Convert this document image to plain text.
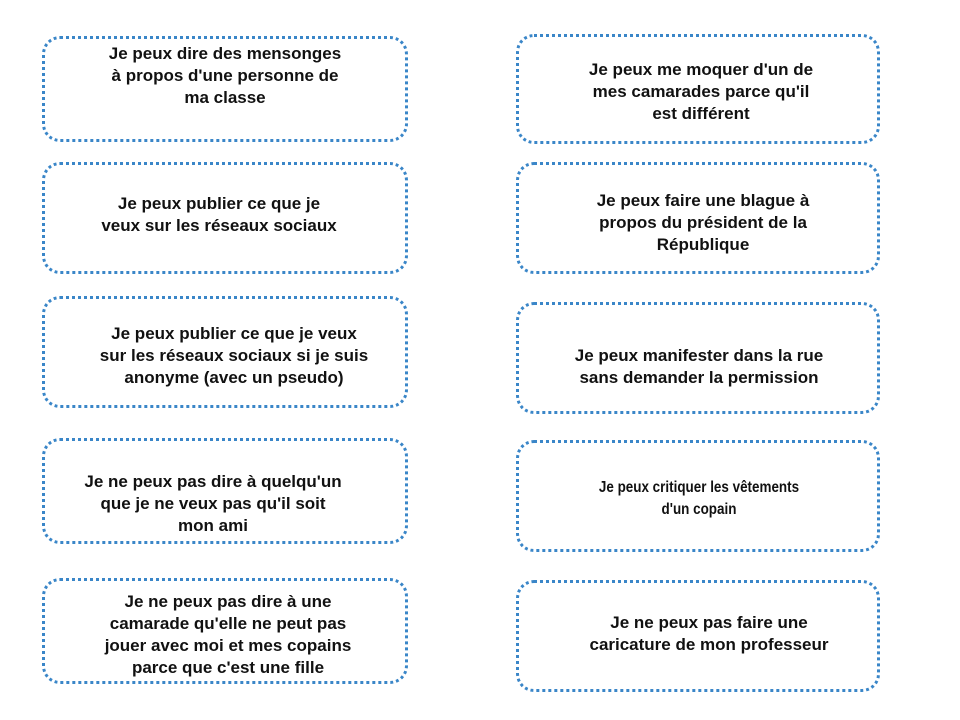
Je peux dire des mensonges
à propos d'une personne de
ma classe
Je peux publier ce que je
veux sur les réseaux sociaux
Je peux publier ce que je veux
sur les réseaux sociaux si je suis
anonyme (avec un pseudo)
Je ne peux pas dire à quelqu'un
que je ne veux pas qu'il soit
mon ami
Je ne peux pas dire à une
camarade qu'elle ne peut pas
jouer avec moi et mes copains
parce que c'est une fille
Je peux me moquer d'un de
mes camarades parce qu'il
est différent
Je peux faire une blague à
propos du président de la
République
Je peux manifester dans la rue
sans demander la permission
Je peux critiquer les vêtements
d'un copain
Je ne peux pas faire une
caricature de mon professeur
